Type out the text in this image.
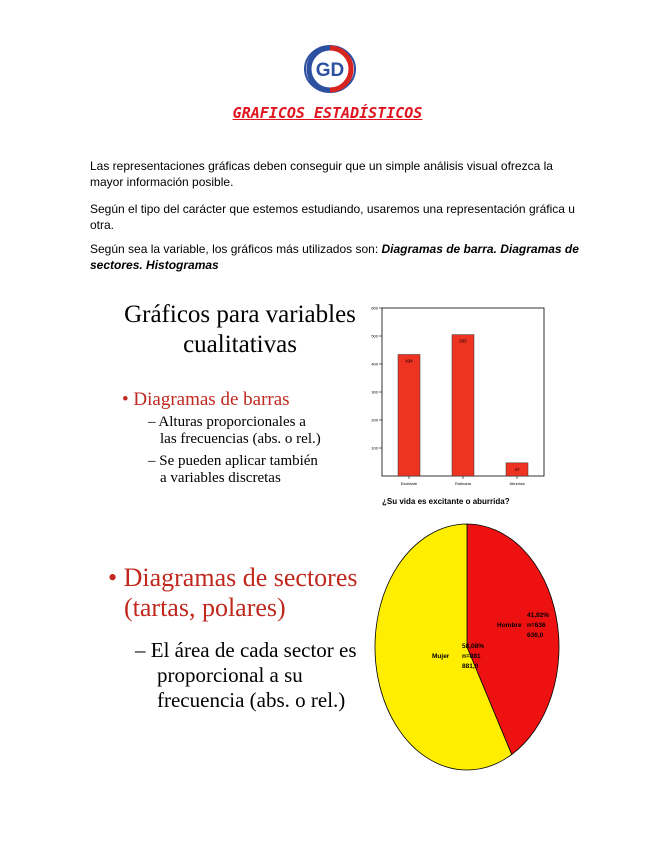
GD
GRAFICOS ESTADÍSTICOS
Las representaciones gráficas deben conseguir que un simple análisis visual ofrezca la mayor información posible.
Según el tipo del carácter que estemos estudiando, usaremos una representación gráfica u otra.
Según sea la variable, los gráficos más utilizados son: Diagramas de barra. Diagramas de sectores. Histogramas
Gráficos para variables cualitativas
• Diagramas de barras
– Alturas proporcionales a
las frecuencias (abs. o rel.)
– Se pueden aplicar también
a variables discretas
100
200
300
400
500
600
434
Excitante
505
Rutinaria
47
Aburrida
¿Su vida es excitante o aburrida?
• Diagramas de sectores
(tartas, polares)
– El área de cada sector es
proporcional a su
frecuencia (abs. o rel.)
41,92%
Hombre n=636
636,0
58,08%
Mujer n=881
881,0
